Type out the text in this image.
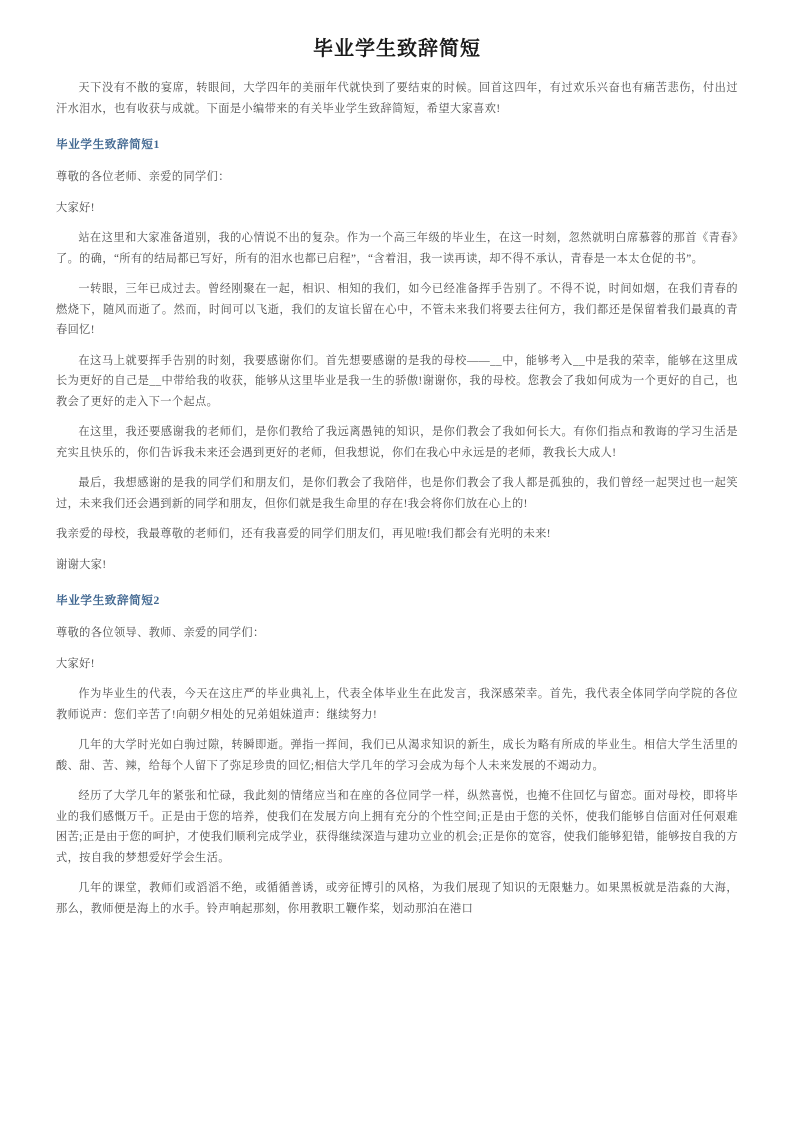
毕业学生致辞简短

天下没有不散的宴席，转眼间，大学四年的美丽年代就快到了要结束的时候。回首这四年，有过欢乐兴奋也有痛苦悲伤，付出过汗水泪水，也有收获与成就。下面是小编带来的有关毕业学生致辞简短，希望大家喜欢!

毕业学生致辞简短1

尊敬的各位老师、亲爱的同学们：

大家好!

站在这里和大家准备道别，我的心情说不出的复杂。作为一个高三年级的毕业生，在这一时刻，忽然就明白席慕蓉的那首《青春》了。的确，“所有的结局都已写好，所有的泪水也都已启程”，“含着泪，我一读再读，却不得不承认，青春是一本太仓促的书”。

一转眼，三年已成过去。曾经刚聚在一起，相识、相知的我们，如今已经准备挥手告别了。不得不说，时间如烟，在我们青春的燃烧下，随风而逝了。然而，时间可以飞逝，我们的友谊长留在心中，不管未来我们将要去往何方，我们都还是保留着我们最真的青春回忆!

在这马上就要挥手告别的时刻，我要感谢你们。首先想要感谢的是我的母校——__中，能够考入__中是我的荣幸，能够在这里成长为更好的自己是__中带给我的收获，能够从这里毕业是我一生的骄傲!谢谢你，我的母校。您教会了我如何成为一个更好的自己，也教会了更好的走入下一个起点。

在这里，我还要感谢我的老师们，是你们教给了我远离愚钝的知识，是你们教会了我如何长大。有你们指点和教诲的学习生活是充实且快乐的，你们告诉我未来还会遇到更好的老师，但我想说，你们在我心中永远是的老师，教我长大成人!

最后，我想感谢的是我的同学们和朋友们，是你们教会了我陪伴，也是你们教会了我人都是孤独的，我们曾经一起哭过也一起笑过，未来我们还会遇到新的同学和朋友，但你们就是我生命里的存在!我会将你们放在心上的!

我亲爱的母校，我最尊敬的老师们，还有我喜爱的同学们朋友们，再见啦!我们都会有光明的未来!

谢谢大家!

毕业学生致辞简短2

尊敬的各位领导、教师、亲爱的同学们：

大家好!

作为毕业生的代表，今天在这庄严的毕业典礼上，代表全体毕业生在此发言，我深感荣幸。首先，我代表全体同学向学院的各位教师说声：您们辛苦了!向朝夕相处的兄弟姐妹道声：继续努力!

几年的大学时光如白驹过隙，转瞬即逝。弹指一挥间，我们已从渴求知识的新生，成长为略有所成的毕业生。相信大学生活里的酸、甜、苦、辣，给每个人留下了弥足珍贵的回忆;相信大学几年的学习会成为每个人未来发展的不竭动力。

经历了大学几年的紧张和忙碌，我此刻的情绪应当和在座的各位同学一样，纵然喜悦，也掩不住回忆与留恋。面对母校，即将毕业的我们感慨万千。正是由于您的培养，使我们在发展方向上拥有充分的个性空间;正是由于您的关怀，使我们能够自信面对任何艰难困苦;正是由于您的呵护，才使我们顺利完成学业，获得继续深造与建功立业的机会;正是你的宽容，使我们能够犯错，能够按自我的方式，按自我的梦想爱好学会生活。

几年的课堂，教师们或滔滔不绝，或循循善诱，或旁征博引的风格，为我们展现了知识的无限魅力。如果黑板就是浩淼的大海，那么，教师便是海上的水手。铃声响起那刻，你用教职工鞭作桨，划动那泊在港口
